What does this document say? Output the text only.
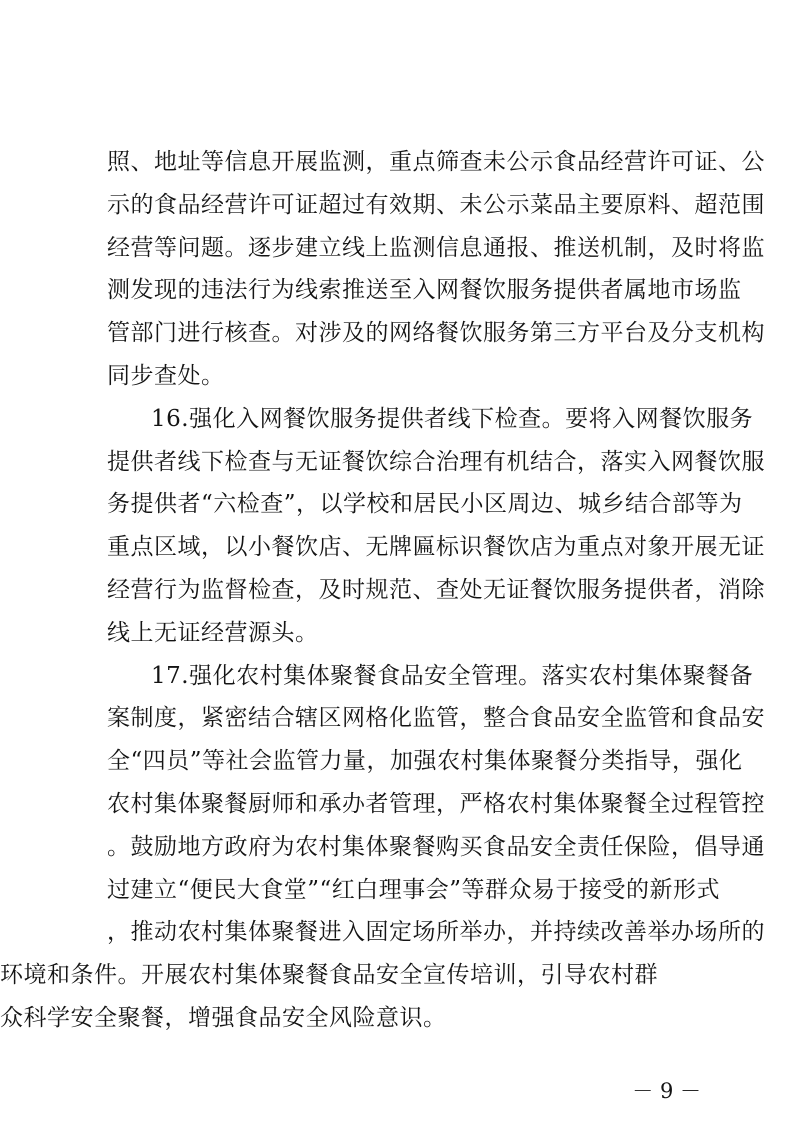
照、地址等信息开展监测，重点筛查未公示食品经营许可证、公
示的食品经营许可证超过有效期、未公示菜品主要原料、超范围
经营等问题。逐步建立线上监测信息通报、推送机制，及时将监
测发现的违法行为线索推送至入网餐饮服务提供者属地市场监
管部门进行核查。对涉及的网络餐饮服务第三方平台及分支机构
同步查处。
16.强化入网餐饮服务提供者线下检查。要将入网餐饮服务
提供者线下检查与无证餐饮综合治理有机结合，落实入网餐饮服
务提供者“六检查”，以学校和居民小区周边、城乡结合部等为
重点区域，以小餐饮店、无牌匾标识餐饮店为重点对象开展无证
经营行为监督检查，及时规范、查处无证餐饮服务提供者，消除
线上无证经营源头。
17.强化农村集体聚餐食品安全管理。落实农村集体聚餐备
案制度，紧密结合辖区网格化监管，整合食品安全监管和食品安
全“四员”等社会监管力量，加强农村集体聚餐分类指导，强化
农村集体聚餐厨师和承办者管理，严格农村集体聚餐全过程管控
。鼓励地方政府为农村集体聚餐购买食品安全责任保险，倡导通
过建立“便民大食堂”“红白理事会”等群众易于接受的新形式
，推动农村集体聚餐进入固定场所举办，并持续改善举办场所的
－ 9 －
环境和条件。开展农村集体聚餐食品安全宣传培训，引导农村群
众科学安全聚餐，增强食品安全风险意识。
